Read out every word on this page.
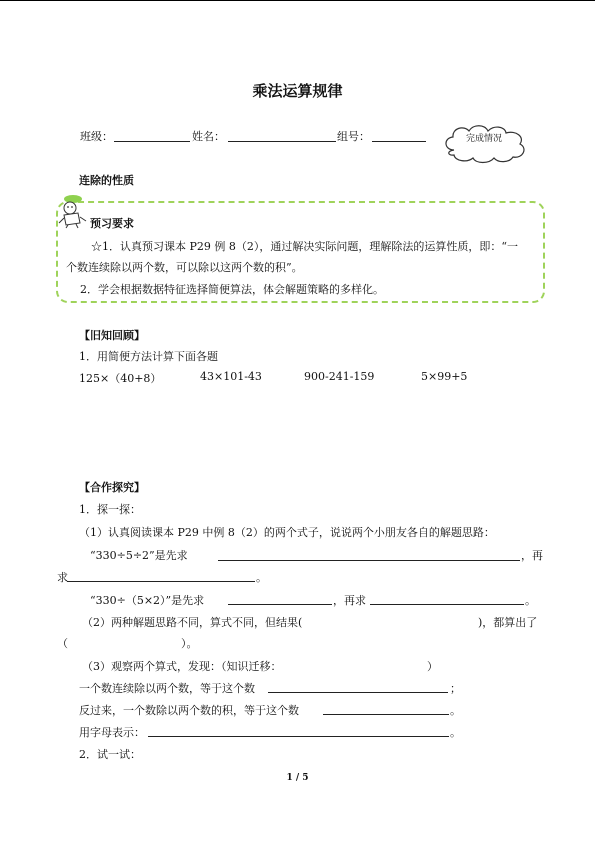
乘法运算规律
班级：	姓名：	组号：	完成情况
连除的性质
预习要求
☆1．认真预习课本 P29 例 8（2），通过解决实际问题，理解除法的运算性质，即：“一
个数连续除以两个数，可以除以这两个数的积”。
2．学会根据数据特征选择简便算法，体会解题策略的多样化。
【旧知回顾】
1．用简便方法计算下面各题
125×（40+8）	43×101-43	900-241-159	5×99+5
【合作探究】
1．探一探：
（1）认真阅读课本 P29 中例 8（2）的两个式子，说说两个小朋友各自的解题思路：
“330÷5÷2”是先求	，再
求	。
“330÷（5×2）”是先求	，再求	。
（2）两种解题思路不同，算式不同，但结果(	)，都算出了
（	）。
（3）观察两个算式，发现：（知识迁移：	）
一个数连续除以两个数，等于这个数	；
反过来，一个数除以两个数的积，等于这个数	。
用字母表示：	。
2．试一试：
1 / 5
